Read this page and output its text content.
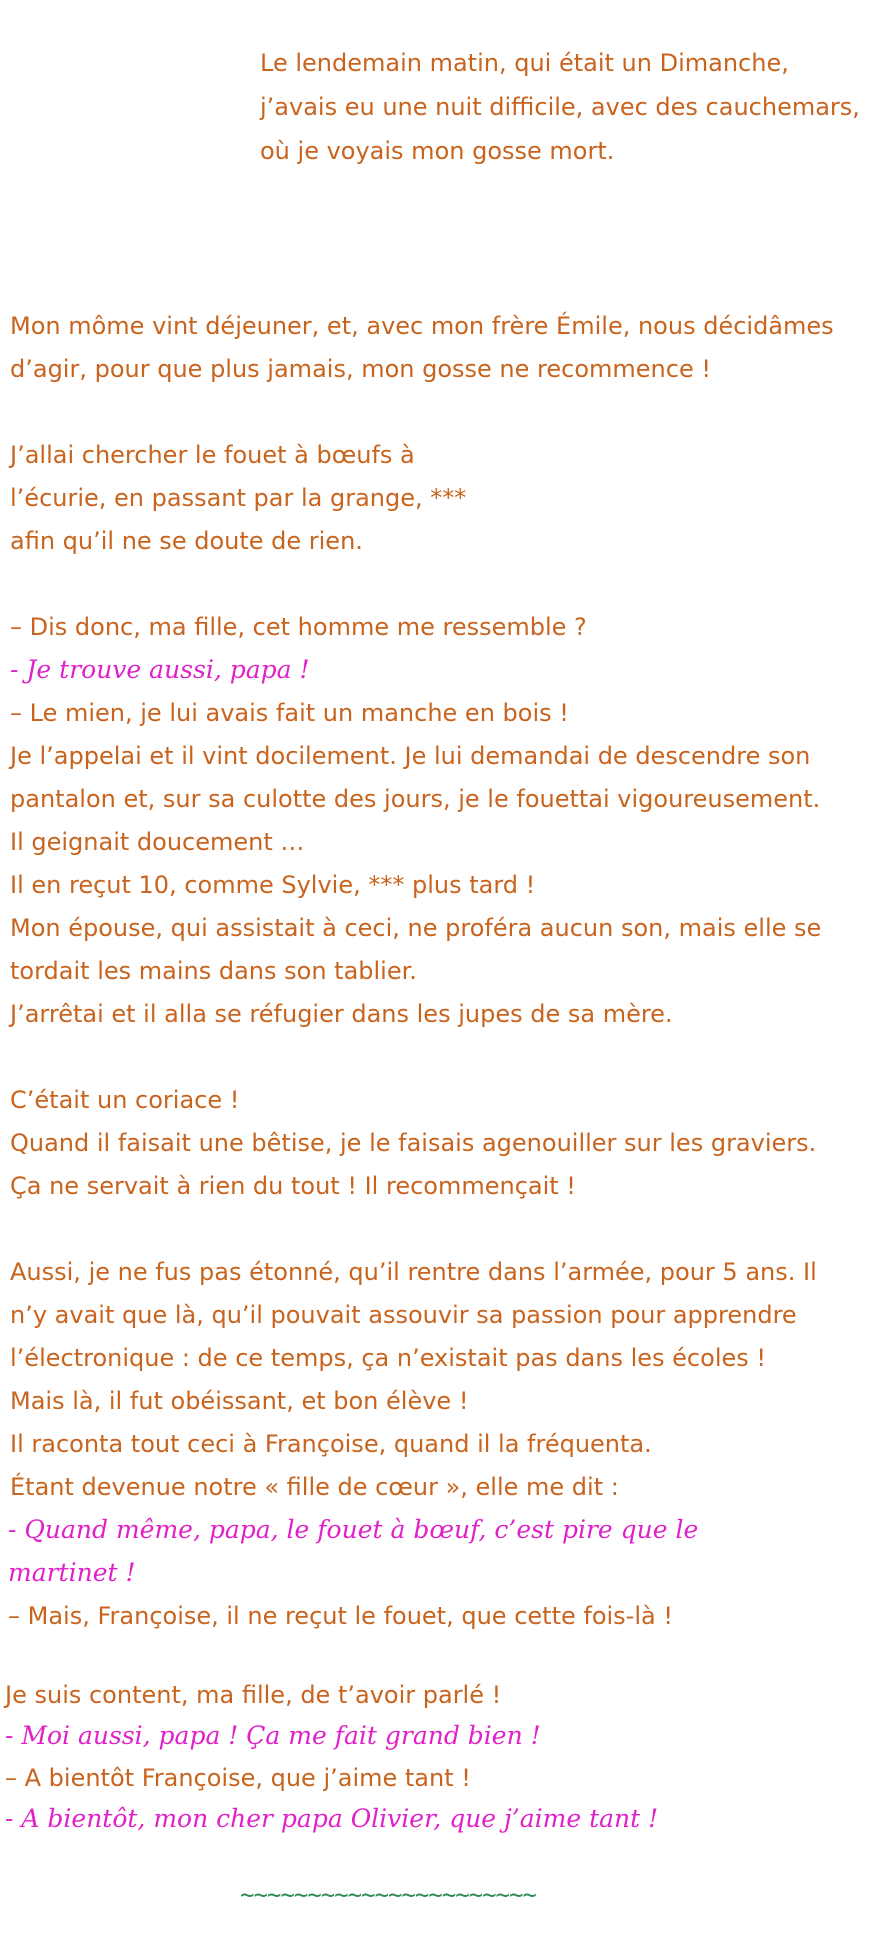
Le lendemain matin, qui était un Dimanche,

j’avais eu une nuit difficile, avec des cauchemars,

où je voyais mon gosse mort.

Mon môme vint déjeuner, et, avec mon frère Émile, nous décidâmes

d’agir, pour que plus jamais, mon gosse ne recommence !

J’allai chercher le fouet à bœufs à

l’écurie, en passant par la grange, ***

afin qu’il ne se doute de rien.

– Dis donc, ma fille, cet homme me ressemble ?

- Je trouve aussi, papa !

– Le mien, je lui avais fait un manche en bois !

Je l’appelai et il vint docilement. Je lui demandai de descendre son

pantalon et, sur sa culotte des jours, je le fouettai vigoureusement.

Il geignait doucement …

Il en reçut 10, comme Sylvie, *** plus tard !

Mon épouse, qui assistait à ceci, ne proféra aucun son, mais elle se

tordait les mains dans son tablier.

J’arrêtai et il alla se réfugier dans les jupes de sa mère.

C’était un coriace !

Quand il faisait une bêtise, je le faisais agenouiller sur les graviers.

Ça ne servait à rien du tout ! Il recommençait !

Aussi, je ne fus pas étonné, qu’il rentre dans l’armée, pour 5 ans. Il

n’y avait que là, qu’il pouvait assouvir sa passion pour apprendre

l’électronique : de ce temps, ça n’existait pas dans les écoles !

Mais là, il fut obéissant, et bon élève !

Il raconta tout ceci à Françoise, quand il la fréquenta.

Étant devenue notre « fille de cœur », elle me dit :

- Quand même, papa, le fouet à bœuf, c’est pire que le

martinet !

– Mais, Françoise, il ne reçut le fouet, que cette fois-là !

Je suis content, ma fille, de t’avoir parlé !

- Moi aussi, papa ! Ça me fait grand bien !

– A bientôt Françoise, que j’aime tant !

- A bientôt, mon cher papa Olivier, que j’aime tant !

~~~~~~~~~~~~~~~~~~~~~~
